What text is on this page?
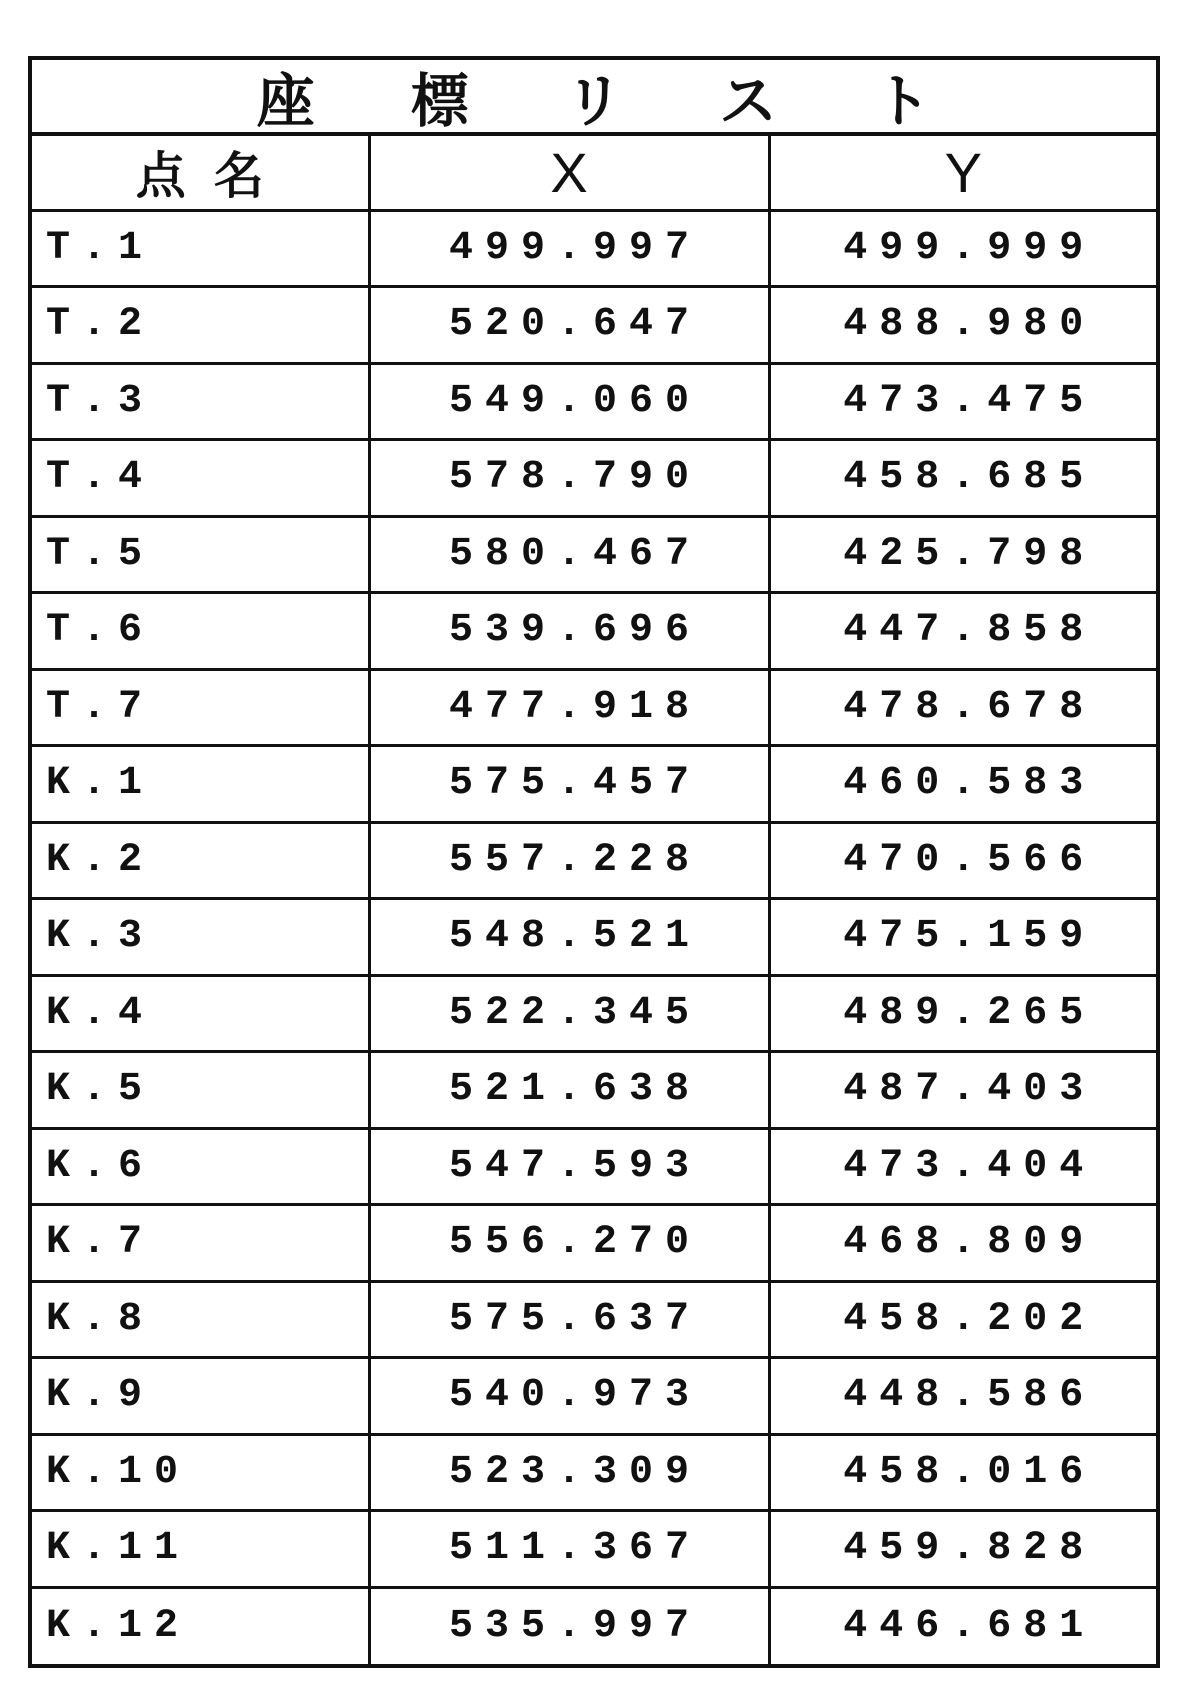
座 標 リ ス ト
点名	X	Y
T.1	499.997	499.999
T.2	520.647	488.980
T.3	549.060	473.475
T.4	578.790	458.685
T.5	580.467	425.798
T.6	539.696	447.858
T.7	477.918	478.678
K.1	575.457	460.583
K.2	557.228	470.566
K.3	548.521	475.159
K.4	522.345	489.265
K.5	521.638	487.403
K.6	547.593	473.404
K.7	556.270	468.809
K.8	575.637	458.202
K.9	540.973	448.586
K.10	523.309	458.016
K.11	511.367	459.828
K.12	535.997	446.681
